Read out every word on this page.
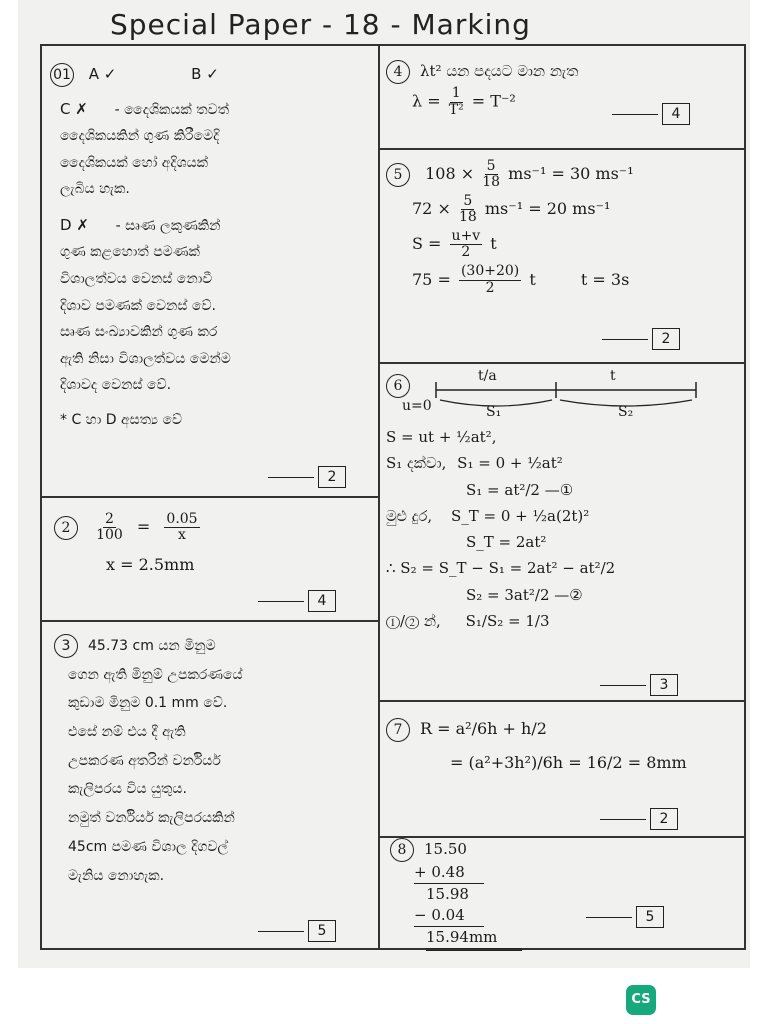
Special Paper - 18 - Marking
01 A ✓	B ✓
C ✗ - දෛශිකයක් තවත්
දෛශිකයකින් ගුණ කිරීමෙදි
දෛශිකයක් හෝ අදිශයක්
ලැබිය හැක.
D ✗ - සෘණ ලකුණකින්
ගුණ කළහොත් පමණක්
විශාලත්වය වෙනස් නොවී
දිශාව පමණක් වෙනස් වේ.
සෘණ සංඛ්‍යාවකින් ගුණ කර
ඇති නිසා විශාලත්වය මෙන්ම
දිශාවද වෙනස් වේ.
* C හා D අසත්‍ය වේ
2
$2 \frac{2}{100} = \frac{0.05}{x}$
x = 2.5mm
4
3 45.73 cm යන මිනුම
ගෙන ඇති මිනුම් උපකරණයේ
කුඩාම මිනුම 0.1 mm වේ.
එසේ නම් එය දී ඇති
උපකරණ අතරින් වර්නියර්
කැලිපරය විය යුතුය.
නමුත් වර්නියර් කැලිපරයකින්
45cm පමණ විශාල දිගවල්
මැනිය නොහැක.
5
4 λt² යන පදයට මාන නැත
$\lambda = \frac{1}{\text{T²}} = T^{-2}$
4
5 $108 \times \frac{5}{18} ms^{-1} = 30$ ms⁻¹
$72 \times \frac{5}{18} ms^{-1} = 20$ ms⁻¹
$S = \frac{u+v}{2}$ t
$75 = \frac{(30+20)}{2}$ t	t = 3s
2
6
t/a	t
u=0	S₁	S₂
S = ut + ½at²,
S₁ දක්වා, S₁ = 0 + ½at²
S₁ = at²/2 —①
මුළු දුර, S_T = 0 + ½a(2t)²
S_T = 2at²
∴ S₂ = S_T − S₁ = 2at² − at²/2
S₂ = 3at²/2 —②
①/② න්, S₁/S₂ = 1/3
3
7 R = a²/6h + h/2
= (a²+3h²)/6h = 16/2 = 8mm
2
8 15.50
+ 0.48
15.98
− 0.04
15.94mm
5
CS
